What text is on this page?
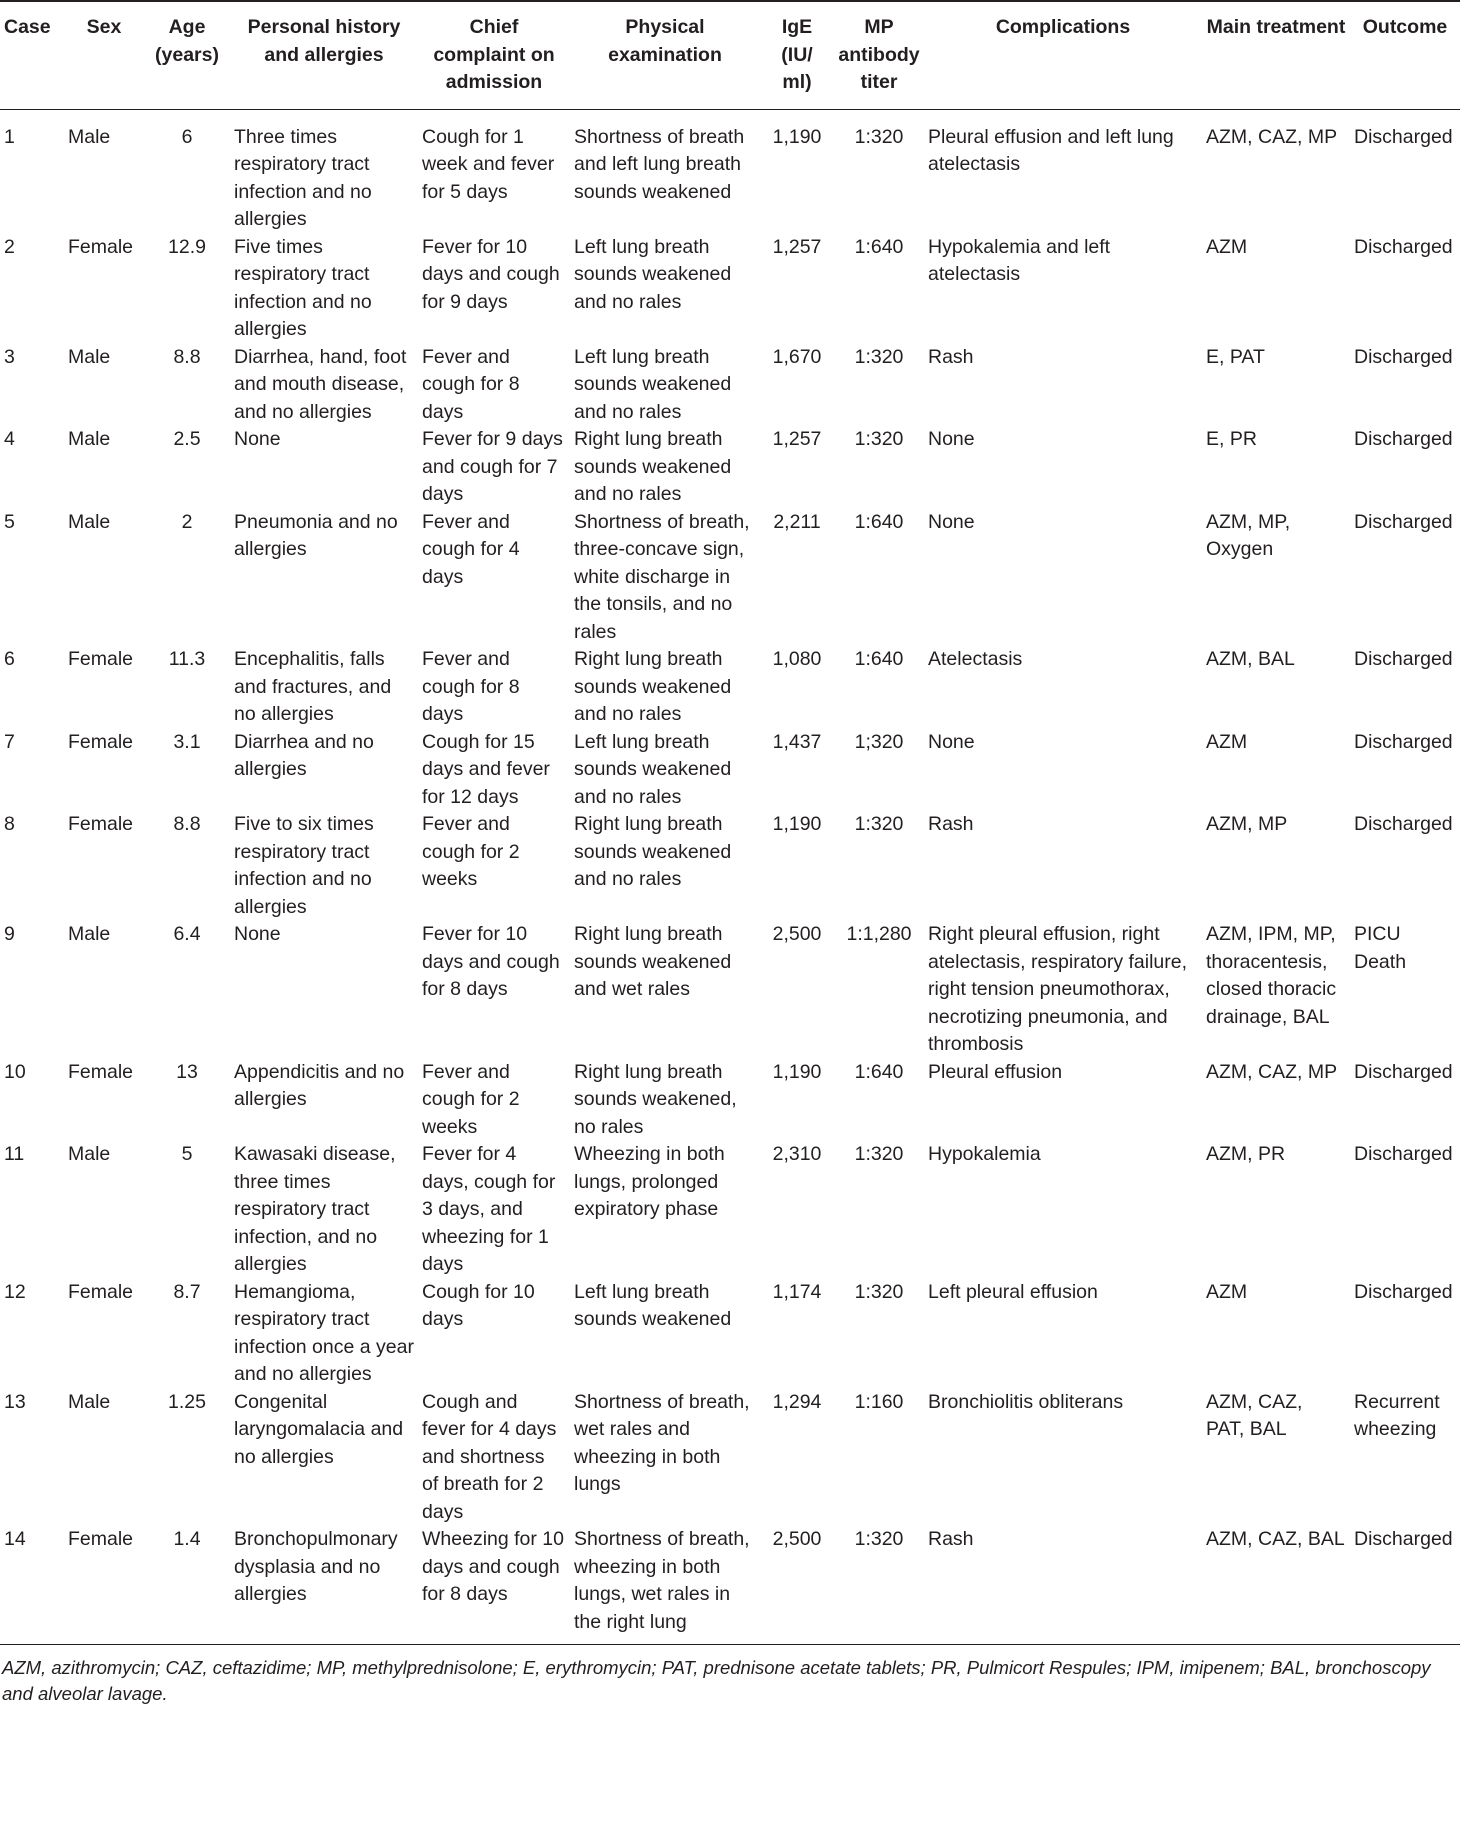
Case	Sex	Age (years)	Personal history and allergies	Chief complaint on admission	Physical examination	IgE (IU/ ml)	MP antibody titer	Complications	Main treatment	Outcome
1	Male	6	Three times respiratory tract infection and no allergies	Cough for 1 week and fever for 5 days	Shortness of breath and left lung breath sounds weakened	1,190	1:320	Pleural effusion and left lung atelectasis	AZM, CAZ, MP	Discharged
2	Female	12.9	Five times respiratory tract infection and no allergies	Fever for 10 days and cough for 9 days	Left lung breath sounds weakened and no rales	1,257	1:640	Hypokalemia and left atelectasis	AZM	Discharged
3	Male	8.8	Diarrhea, hand, foot and mouth disease, and no allergies	Fever and cough for 8 days	Left lung breath sounds weakened and no rales	1,670	1:320	Rash	E, PAT	Discharged
4	Male	2.5	None	Fever for 9 days and cough for 7 days	Right lung breath sounds weakened and no rales	1,257	1:320	None	E, PR	Discharged
5	Male	2	Pneumonia and no allergies	Fever and cough for 4 days	Shortness of breath, three-concave sign, white discharge in the tonsils, and no rales	2,211	1:640	None	AZM, MP, Oxygen	Discharged
6	Female	11.3	Encephalitis, falls and fractures, and no allergies	Fever and cough for 8 days	Right lung breath sounds weakened and no rales	1,080	1:640	Atelectasis	AZM, BAL	Discharged
7	Female	3.1	Diarrhea and no allergies	Cough for 15 days and fever for 12 days	Left lung breath sounds weakened and no rales	1,437	1;320	None	AZM	Discharged
8	Female	8.8	Five to six times respiratory tract infection and no allergies	Fever and cough for 2 weeks	Right lung breath sounds weakened and no rales	1,190	1:320	Rash	AZM, MP	Discharged
9	Male	6.4	None	Fever for 10 days and cough for 8 days	Right lung breath sounds weakened and wet rales	2,500	1:1,280	Right pleural effusion, right atelectasis, respiratory failure, right tension pneumothorax, necrotizing pneumonia, and thrombosis	AZM, IPM, MP, thoracentesis, closed thoracic drainage, BAL	PICU Death
10	Female	13	Appendicitis and no allergies	Fever and cough for 2 weeks	Right lung breath sounds weakened, no rales	1,190	1:640	Pleural effusion	AZM, CAZ, MP	Discharged
11	Male	5	Kawasaki disease, three times respiratory tract infection, and no allergies	Fever for 4 days, cough for 3 days, and wheezing for 1 days	Wheezing in both lungs, prolonged expiratory phase	2,310	1:320	Hypokalemia	AZM, PR	Discharged
12	Female	8.7	Hemangioma, respiratory tract infection once a year and no allergies	Cough for 10 days	Left lung breath sounds weakened	1,174	1:320	Left pleural effusion	AZM	Discharged
13	Male	1.25	Congenital laryngomalacia and no allergies	Cough and fever for 4 days and shortness of breath for 2 days	Shortness of breath, wet rales and wheezing in both lungs	1,294	1:160	Bronchiolitis obliterans	AZM, CAZ, PAT, BAL	Recurrent wheezing
14	Female	1.4	Bronchopulmonary dysplasia and no allergies	Wheezing for 10 days and cough for 8 days	Shortness of breath, wheezing in both lungs, wet rales in the right lung	2,500	1:320	Rash	AZM, CAZ, BAL	Discharged
AZM, azithromycin; CAZ, ceftazidime; MP, methylprednisolone; E, erythromycin; PAT, prednisone acetate tablets; PR, Pulmicort Respules; IPM, imipenem; BAL, bronchoscopy and alveolar lavage.
